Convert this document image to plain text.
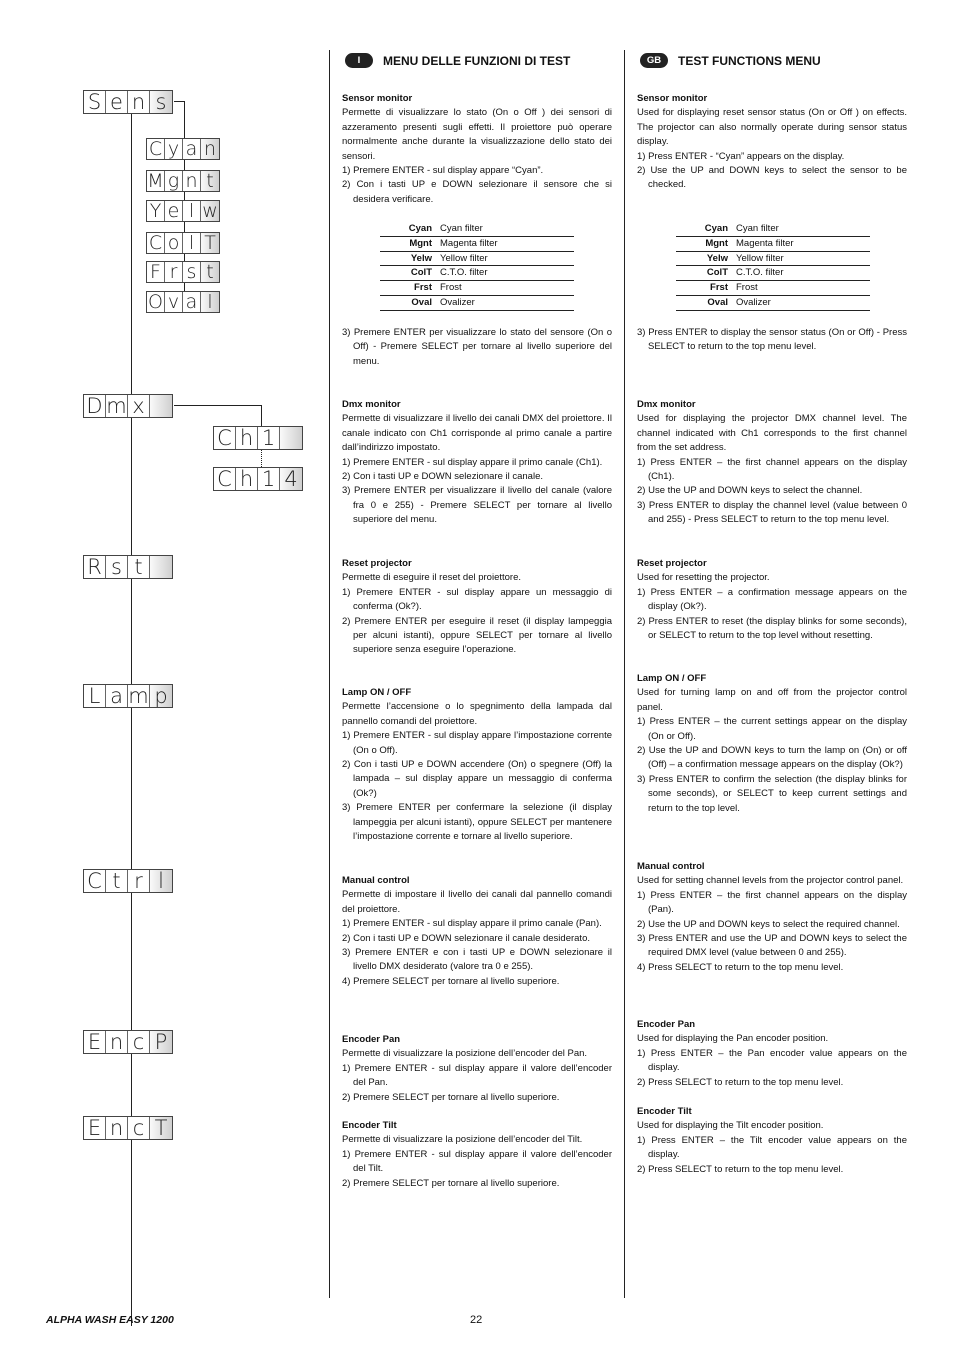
S e n s
C y a n
M g n t
Y e l w
C o l T
F r s t
O v a l
D m x
C h 1
C h 1 4
R s t
L a m p
C t r l
E n c P
E n c T
I	MENU DELLE FUNZIONI DI TEST
Sensor monitor
Permette di visualizzare lo stato (On o Off ) dei sensori di azzeramento presenti sugli effetti. Il proiettore può operare normalmente anche durante la visualizzazione dello stato dei sensori.
1) Premere ENTER - sul display appare “Cyan”.
2) Con i tasti UP e DOWN selezionare il sensore che si desidera verificare.
Cyan	Cyan filter
Mgnt	Magenta filter
Yelw	Yellow filter
ColT	C.T.O. filter
Frst	Frost
Oval	Ovalizer
3) Premere ENTER per visualizzare lo stato del sensore (On o Off) - Premere SELECT per tornare al livello superiore del menu.
Dmx monitor
Permette di visualizzare il livello dei canali DMX del proiettore. Il canale indicato con Ch1 corrisponde al primo canale a partire dall’indirizzo impostato.
1) Premere ENTER - sul display appare il primo canale (Ch1).
2) Con i tasti UP e DOWN selezionare il canale.
3) Premere ENTER per visualizzare il livello del canale (valore fra 0 e 255) - Premere SELECT per tornare al livello superiore del menu.
Reset projector
Permette di eseguire il reset del proiettore.
1) Premere ENTER - sul display appare un messaggio di conferma (Ok?).
2) Premere ENTER per eseguire il reset (il display lampeggia per alcuni istanti), oppure SELECT per tornare al livello superiore senza eseguire l’operazione.
Lamp ON / OFF
Permette l’accensione o lo spegnimento della lampada dal pannello comandi del proiettore.
1) Premere ENTER - sul display appare l’impostazione corrente (On o Off).
2) Con i tasti UP e DOWN accendere (On) o spegnere (Off) la lampada – sul display appare un messaggio di conferma (Ok?)
3) Premere ENTER per confermare la selezione (il display lampeggia per alcuni istanti), oppure SELECT per mantenere l’impostazione corrente e tornare al livello superiore.
Manual control
Permette di impostare il livello dei canali dal pannello comandi del proiettore.
1) Premere ENTER - sul display appare il primo canale (Pan).
2) Con i tasti UP e DOWN selezionare il canale desiderato.
3) Premere ENTER e con i tasti UP e DOWN selezionare il livello DMX desiderato (valore tra 0 e 255).
4) Premere SELECT per tornare al livello superiore.
Encoder Pan
Permette di visualizzare la posizione dell’encoder del Pan.
1) Premere ENTER - sul display appare il valore dell’encoder del Pan.
2) Premere SELECT per tornare al livello superiore.
Encoder Tilt
Permette di visualizzare la posizione dell’encoder del Tilt.
1) Premere ENTER - sul display appare il valore dell’encoder del Tilt.
2) Premere SELECT per tornare al livello superiore.
GB	TEST FUNCTIONS MENU
Sensor monitor
Used for displaying reset sensor status (On or Off ) on effects. The projector can also normally operate during sensor status display.
1) Press ENTER - “Cyan” appears on the display.
2) Use the UP and DOWN keys to select the sensor to be checked.
Cyan	Cyan filter
Mgnt	Magenta filter
Yelw	Yellow filter
ColT	C.T.O. filter
Frst	Frost
Oval	Ovalizer
3) Press ENTER to display the sensor status (On or Off) - Press SELECT to return to the top menu level.
Dmx monitor
Used for displaying the projector DMX channel level. The channel indicated with Ch1 corresponds to the first channel from the set address.
1) Press ENTER – the first channel appears on the display (Ch1).
2) Use the UP and DOWN keys to select the channel.
3) Press ENTER to display the channel level (value between 0 and 255) - Press SELECT to return to the top menu level.
Reset projector
Used for resetting the projector.
1) Press ENTER – a confirmation message appears on the display (Ok?).
2) Press ENTER to reset (the display blinks for some seconds), or SELECT to return to the top level without resetting.
Lamp ON / OFF
Used for turning lamp on and off from the projector control panel.
1) Press ENTER – the current settings appear on the display (On or Off).
2) Use the UP and DOWN keys to turn the lamp on (On) or off (Off) – a confirmation message appears on the display (Ok?)
3) Press ENTER to confirm the selection (the display blinks for some seconds), or SELECT to keep current settings and return to the top level.
Manual control
Used for setting channel levels from the projector control panel.
1) Press ENTER – the first channel appears on the display (Pan).
2) Use the UP and DOWN keys to select the required channel.
3) Press ENTER and use the UP and DOWN keys to select the required DMX level (value between 0 and 255).
4) Press SELECT to return to the top menu level.
Encoder Pan
Used for displaying the Pan encoder position.
1) Press ENTER – the Pan encoder value appears on the display.
2) Press SELECT to return to the top menu level.
Encoder Tilt
Used for displaying the Tilt encoder position.
1) Press ENTER – the Tilt encoder value appears on the display.
2) Press SELECT to return to the top menu level.
ALPHA WASH EASY 1200	22
